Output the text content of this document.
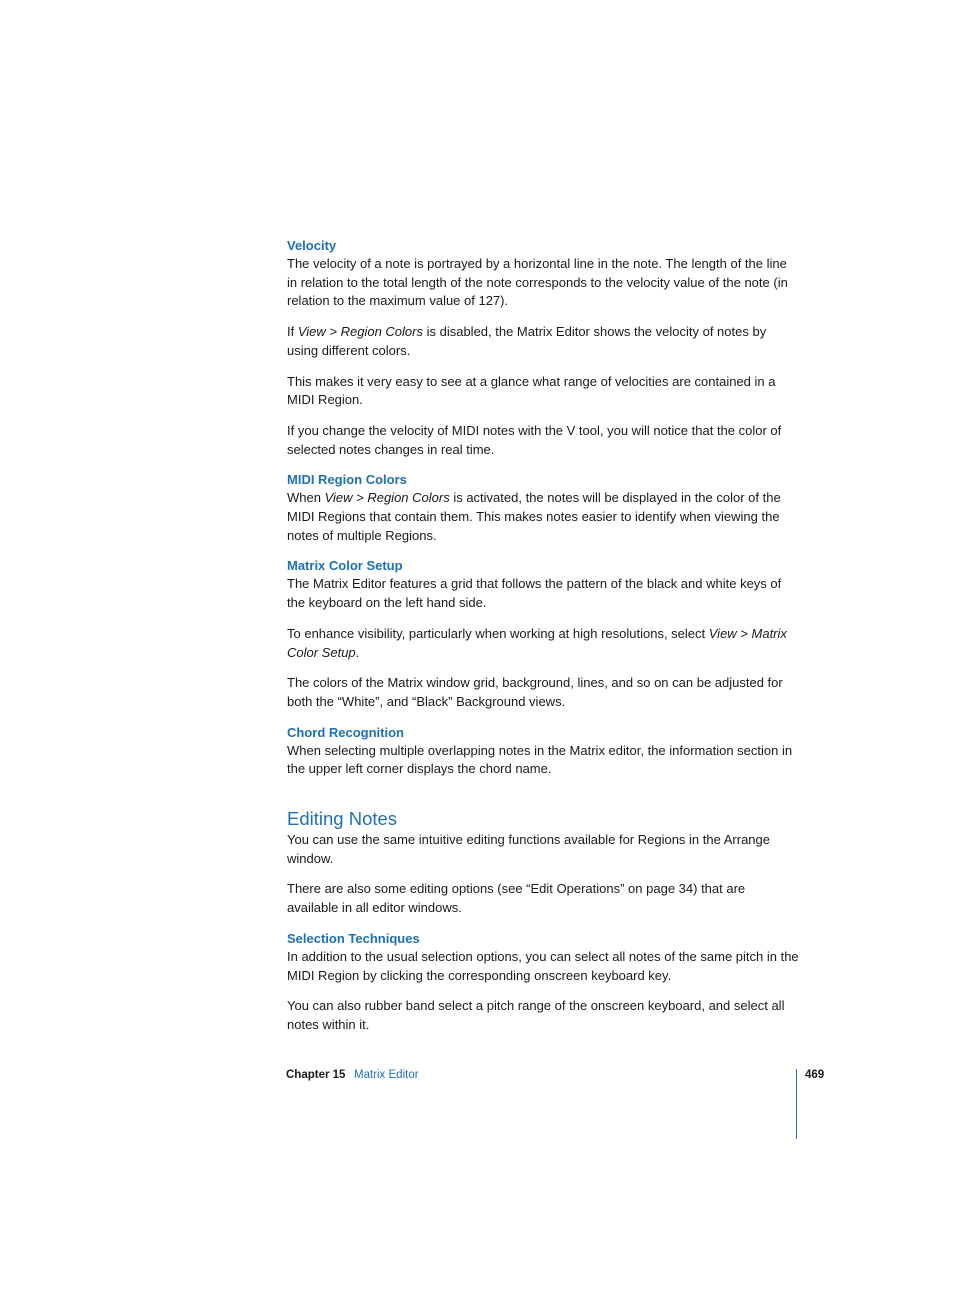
Velocity

The velocity of a note is portrayed by a horizontal line in the note. The length of the line in relation to the total length of the note corresponds to the velocity value of the note (in relation to the maximum value of 127).

If View > Region Colors is disabled, the Matrix Editor shows the velocity of notes by using different colors.

This makes it very easy to see at a glance what range of velocities are contained in a MIDI Region.

If you change the velocity of MIDI notes with the V tool, you will notice that the color of selected notes changes in real time.

MIDI Region Colors

When View > Region Colors is activated, the notes will be displayed in the color of the MIDI Regions that contain them. This makes notes easier to identify when viewing the notes of multiple Regions.

Matrix Color Setup

The Matrix Editor features a grid that follows the pattern of the black and white keys of the keyboard on the left hand side.

To enhance visibility, particularly when working at high resolutions, select View > Matrix Color Setup.

The colors of the Matrix window grid, background, lines, and so on can be adjusted for both the “White”, and “Black” Background views.

Chord Recognition

When selecting multiple overlapping notes in the Matrix editor, the information section in the upper left corner displays the chord name.

Editing Notes

You can use the same intuitive editing functions available for Regions in the Arrange window.

There are also some editing options (see “Edit Operations” on page 34) that are available in all editor windows.

Selection Techniques

In addition to the usual selection options, you can select all notes of the same pitch in the MIDI Region by clicking the corresponding onscreen keyboard key.

You can also rubber band select a pitch range of the onscreen keyboard, and select all notes within it.

Chapter 15 Matrix Editor	469
